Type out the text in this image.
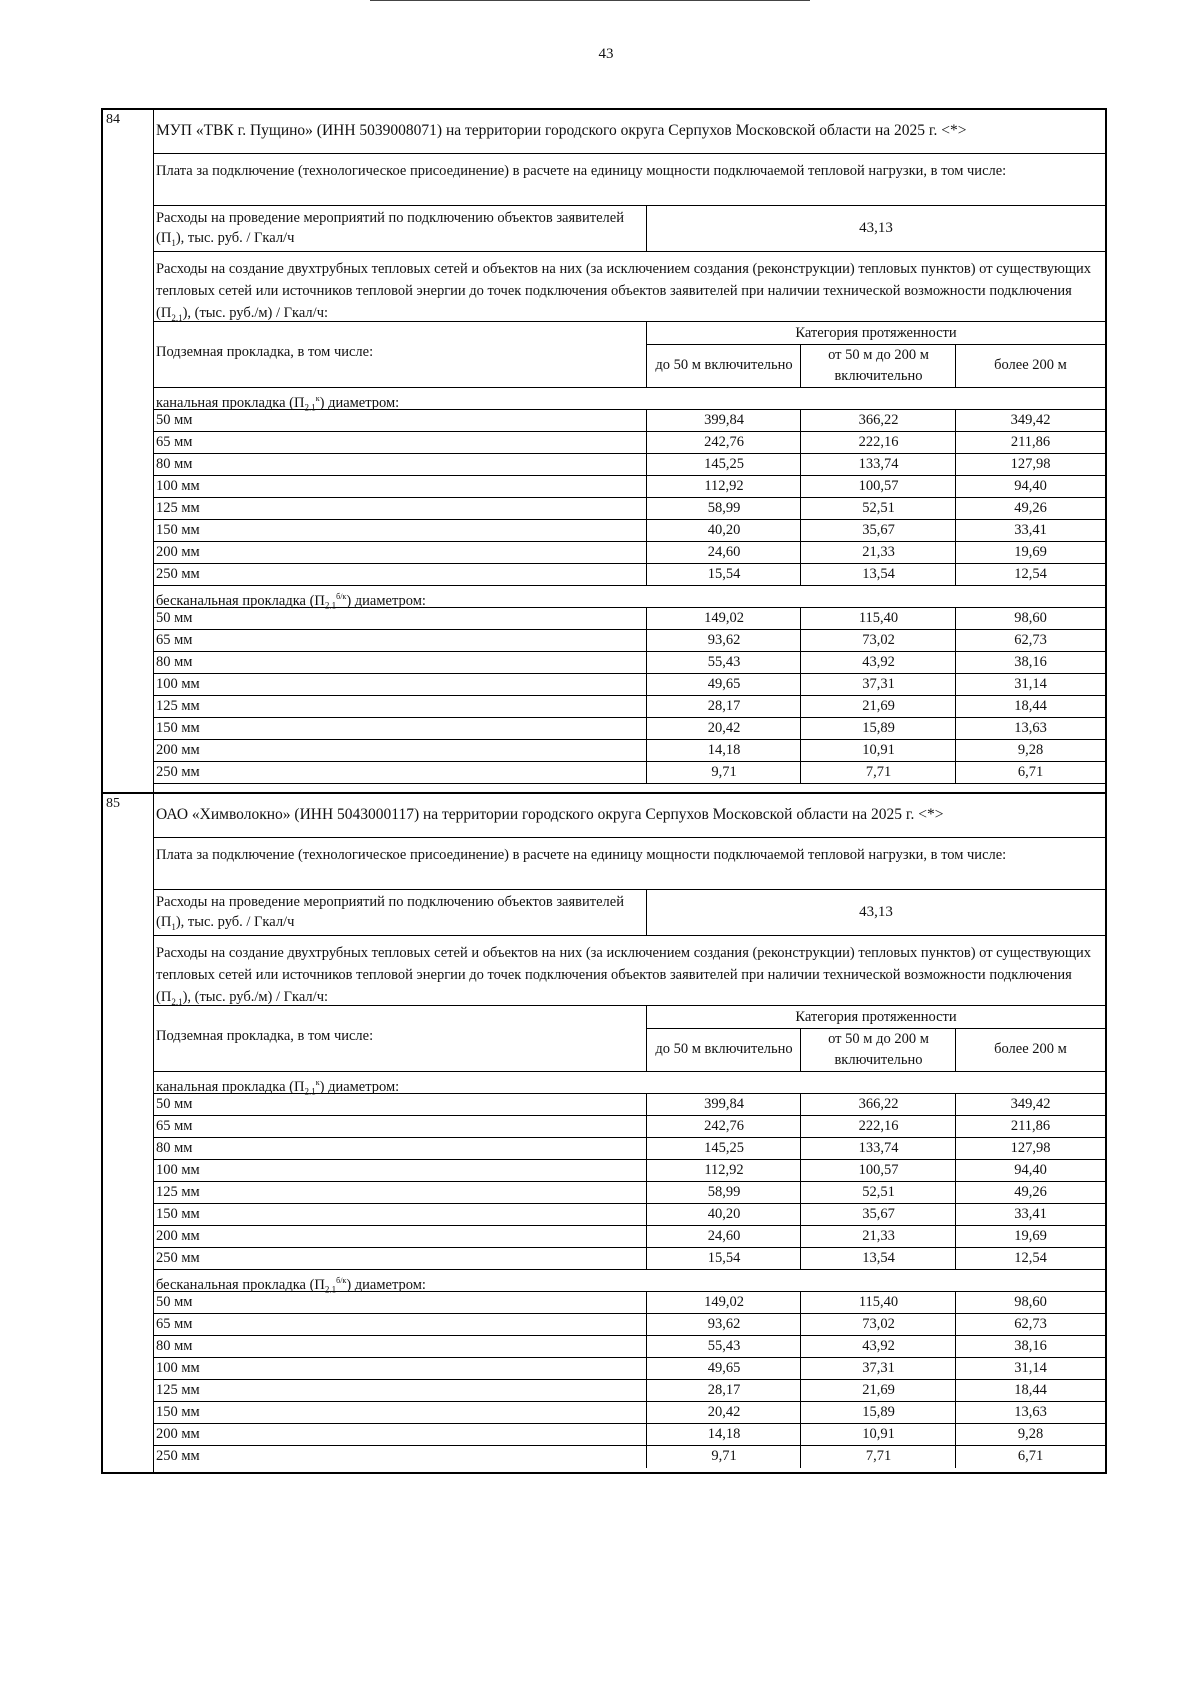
43
84
МУП «ТВК г. Пущино» (ИНН 5039008071) на территории городского округа Серпухов Московской области на 2025 г. <*>
Плата за подключение (технологическое присоединение) в расчете на единицу мощности подключаемой тепловой нагрузки, в том числе:
Расходы на проведение мероприятий по подключению объектов заявителей $(П_1)$, тыс. руб. / Гкал/ч
43,13
Расходы на создание двухтрубных тепловых сетей и объектов на них (за исключением создания (реконструкции) тепловых пунктов) от существующих тепловых сетей или источников тепловой энергии до точек подключения объектов заявителей при наличии технической возможности подключения $(П_{2.1})$, (тыс. руб./м) / Гкал/ч:
Подземная прокладка, в том числе:
Категория протяженности
до 50 м включительно
от 50 м до 200 м включительно
более 200 м
канальная прокладка $(П_{2.1}^к)$ диаметром:
50 мм	399,84	366,22	349,42
65 мм	242,76	222,16	211,86
80 мм	145,25	133,74	127,98
100 мм	112,92	100,57	94,40
125 мм	58,99	52,51	49,26
150 мм	40,20	35,67	33,41
200 мм	24,60	21,33	19,69
250 мм	15,54	13,54	12,54
бесканальная прокладка $(П_{2.1}^{б/к})$ диаметром:
50 мм	149,02	115,40	98,60
65 мм	93,62	73,02	62,73
80 мм	55,43	43,92	38,16
100 мм	49,65	37,31	31,14
125 мм	28,17	21,69	18,44
150 мм	20,42	15,89	13,63
200 мм	14,18	10,91	9,28
250 мм	9,71	7,71	6,71
85
ОАО «Химволокно» (ИНН 5043000117) на территории городского округа Серпухов Московской области на 2025 г. <*>
Плата за подключение (технологическое присоединение) в расчете на единицу мощности подключаемой тепловой нагрузки, в том числе:
Расходы на проведение мероприятий по подключению объектов заявителей $(П_1)$, тыс. руб. / Гкал/ч
43,13
Расходы на создание двухтрубных тепловых сетей и объектов на них (за исключением создания (реконструкции) тепловых пунктов) от существующих тепловых сетей или источников тепловой энергии до точек подключения объектов заявителей при наличии технической возможности подключения $(П_{2.1})$, (тыс. руб./м) / Гкал/ч:
Подземная прокладка, в том числе:
Категория протяженности
до 50 м включительно
от 50 м до 200 м включительно
более 200 м
канальная прокладка $(П_{2.1}^к)$ диаметром:
50 мм	399,84	366,22	349,42
65 мм	242,76	222,16	211,86
80 мм	145,25	133,74	127,98
100 мм	112,92	100,57	94,40
125 мм	58,99	52,51	49,26
150 мм	40,20	35,67	33,41
200 мм	24,60	21,33	19,69
250 мм	15,54	13,54	12,54
бесканальная прокладка $(П_{2.1}^{б/к})$ диаметром:
50 мм	149,02	115,40	98,60
65 мм	93,62	73,02	62,73
80 мм	55,43	43,92	38,16
100 мм	49,65	37,31	31,14
125 мм	28,17	21,69	18,44
150 мм	20,42	15,89	13,63
200 мм	14,18	10,91	9,28
250 мм	9,71	7,71	6,71
